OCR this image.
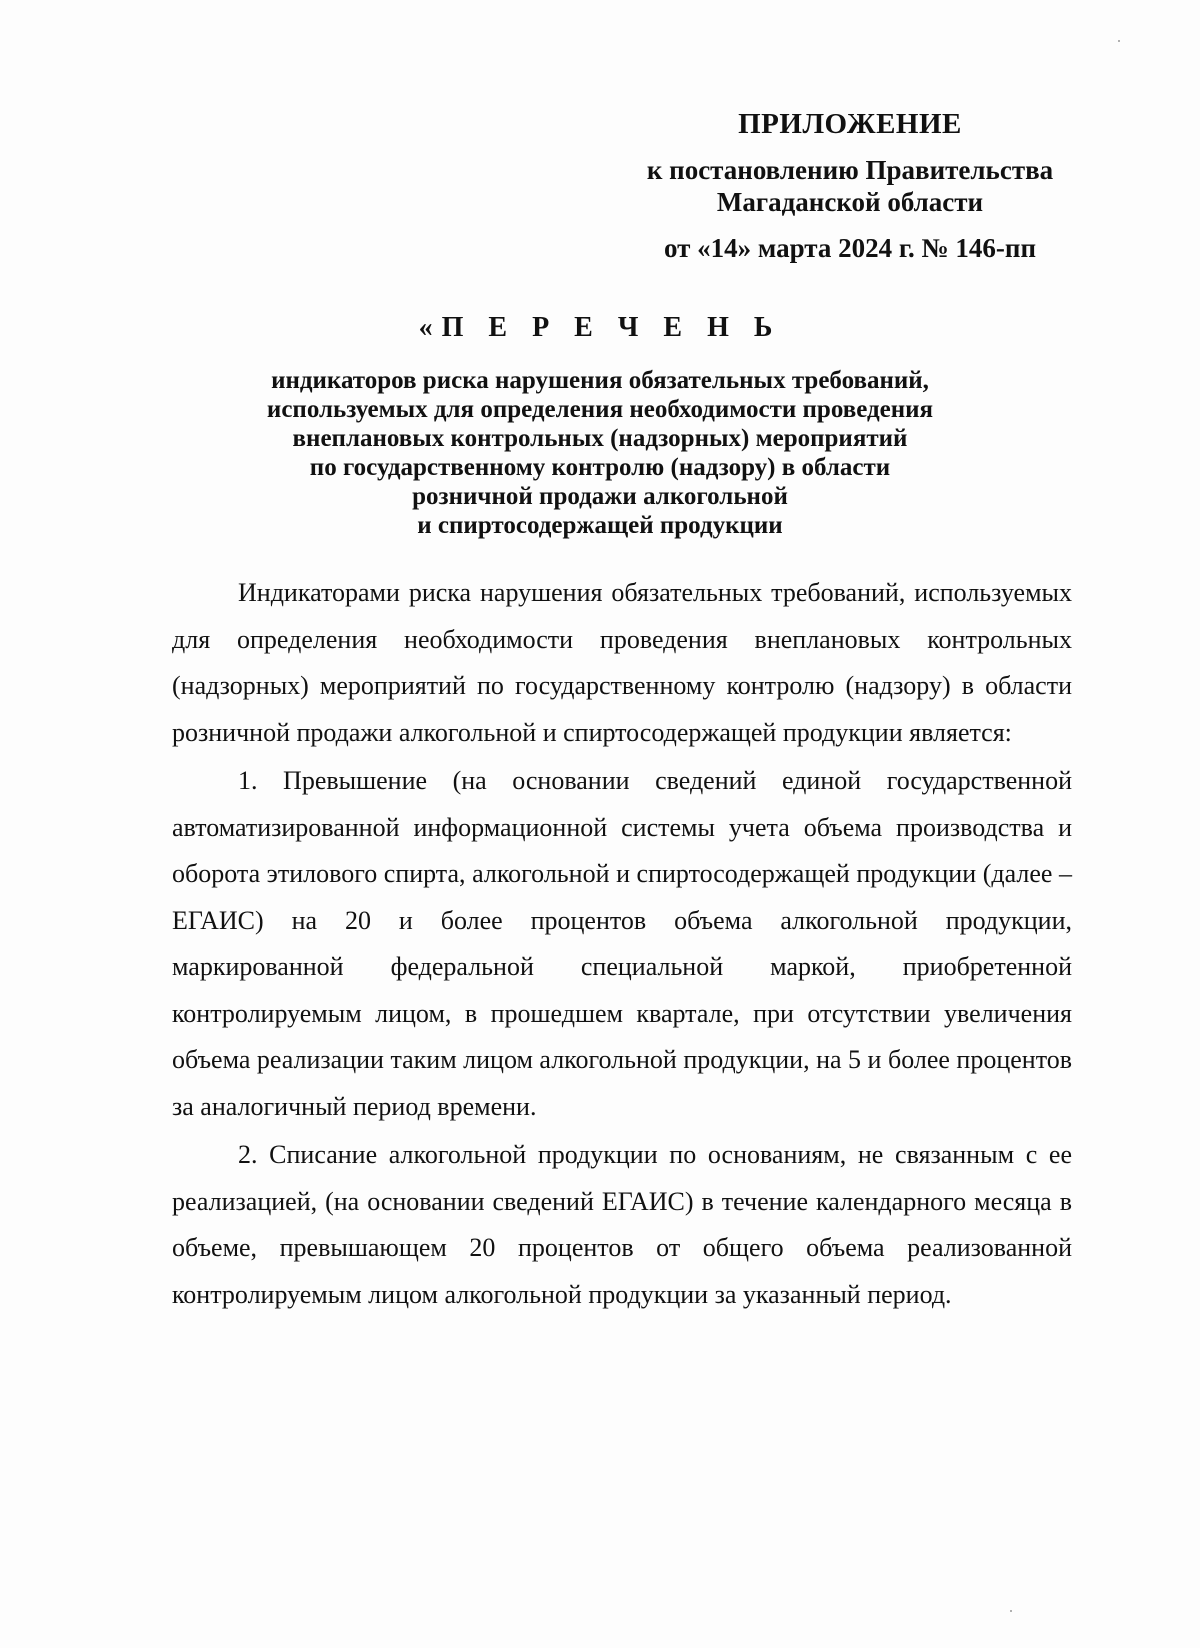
ПРИЛОЖЕНИЕ
к постановлению Правительства
Магаданской области
от «14» марта 2024 г. № 146-пп
«П Е Р Е Ч Е Н Ь
индикаторов риска нарушения обязательных требований,
используемых для определения необходимости проведения
внеплановых контрольных (надзорных) мероприятий
по государственному контролю (надзору) в области
розничной продажи алкогольной
и спиртосодержащей продукции

Индикаторами риска нарушения обязательных требований, используемых для определения необходимости проведения внеплановых контрольных (надзорных) мероприятий по государственному контролю (надзору) в области розничной продажи алкогольной и спиртосодержащей продукции является:

1. Превышение (на основании сведений единой государственной автоматизированной информационной системы учета объема производства и оборота этилового спирта, алкогольной и спиртосодержащей продукции (далее – ЕГАИС) на 20 и более процентов объема алкогольной продукции, маркированной федеральной специальной маркой, приобретенной контролируемым лицом, в прошедшем квартале, при отсутствии увеличения объема реализации таким лицом алкогольной продукции, на 5 и более процентов за аналогичный период времени.

2. Списание алкогольной продукции по основаниям, не связанным с ее реализацией, (на основании сведений ЕГАИС) в течение календарного месяца в объеме, превышающем 20 процентов от общего объема реализованной контролируемым лицом алкогольной продукции за указанный период.
